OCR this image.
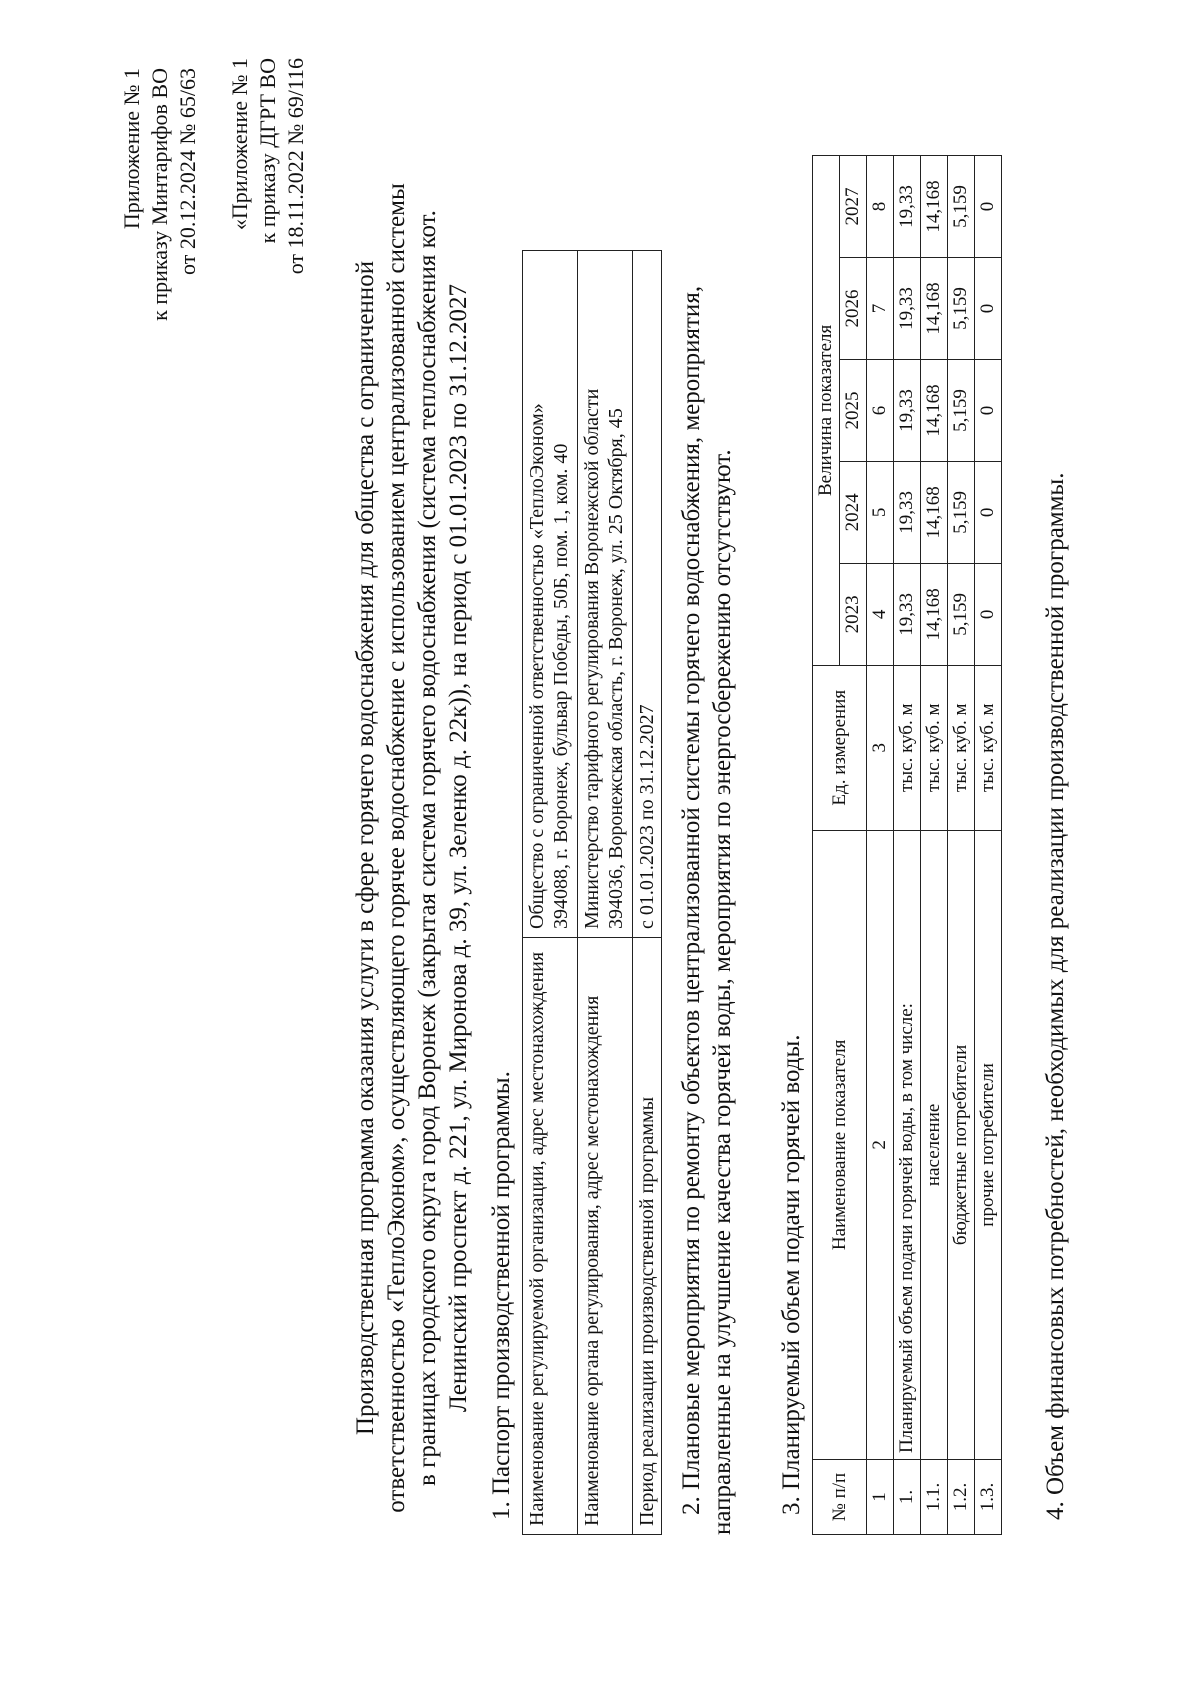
Приложение № 1 к приказу Минтарифов ВО от 20.12.2024 № 65/63 «Приложение № 1 к приказу ДГРТ ВО от 18.11.2022 № 69/116
Производственная программа оказания услуги в сфере горячего водоснабжения для общества с ограниченной ответственностью «ТеплоЭконом», осуществляющего горячее водоснабжение с использованием централизованной системы в границах городского округа город Воронеж (закрытая система горячего водоснабжения (система теплоснабжения кот. Ленинский проспект д. 221, ул. Миронова д. 39, ул. Зеленко д. 22к)), на период с 01.01.2023 по 31.12.2027 1. Паспорт производственной программы. Наименование регулируемой организации, адрес местонахождения	Общество с ограниченной ответственностью «ТеплоЭконом» 394088, г. Воронеж, бульвар Победы, 50Б, пом. 1, ком. 40

Наименование органа регулирования, адрес местонахождения	Министерство тарифного регулирования Воронежской области 394036, Воронежская область, г. Воронеж, ул. 25 Октября, 45

Период реализации производственной программы	с 01.01.2023 по 31.12.2027 2. Плановые мероприятия по ремонту объектов централизованной системы горячего водоснабжения, мероприятия, направленные на улучшение качества горячей воды, мероприятия по энергосбережению отсутствуют. 3. Планируемый объем подачи горячей воды. № п/п	Наименование показателя	Ед. измерения	Величина показателя				
			2023	2024	2025	2026	2027
1	2	3	4	5	6	7	8
1.	Планируемый объем подачи горячей воды, в том числе:	тыс. куб. м	19,33	19,33	19,33	19,33	19,33
1.1.	население	тыс. куб. м	14,168	14,168	14,168	14,168	14,168
1.2.	бюджетные потребители	тыс. куб. м	5,159	5,159	5,159	5,159	5,159
1.3.	прочие потребители	тыс. куб. м	0	0	0	0	0
4. Объем финансовых потребностей, необходимых для реализации производственной программы.
